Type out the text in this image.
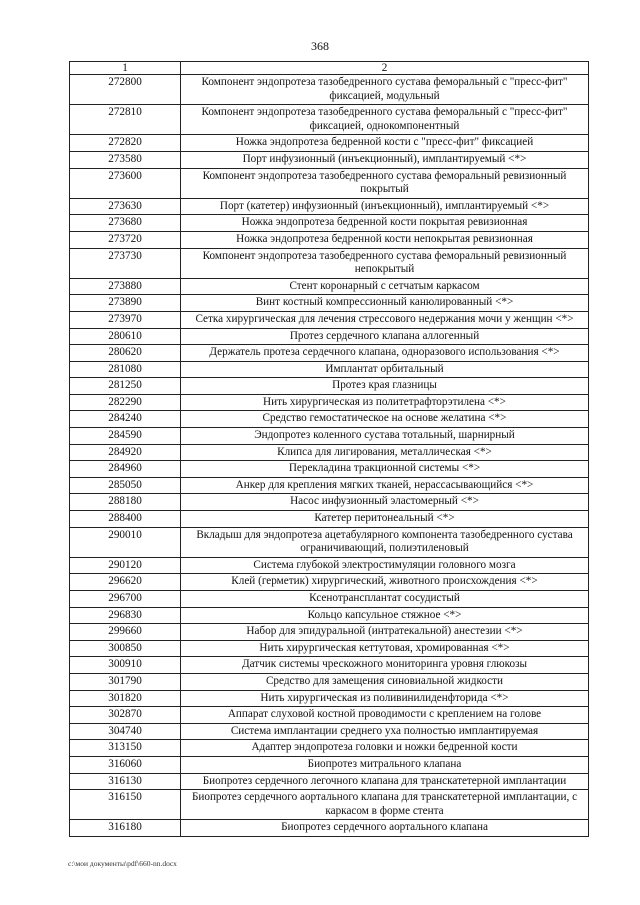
368
1	2
272800	Компонент эндопротеза тазобедренного сустава феморальный с "пресс-фит" фиксацией, модульный
272810	Компонент эндопротеза тазобедренного сустава феморальный с "пресс-фит" фиксацией, однокомпонентный
272820	Ножка эндопротеза бедренной кости с "пресс-фит" фиксацией
273580	Порт инфузионный (инъекционный), имплантируемый <*>
273600	Компонент эндопротеза тазобедренного сустава феморальный ревизионный покрытый
273630	Порт (катетер) инфузионный (инъекционный), имплантируемый <*>
273680	Ножка эндопротеза бедренной кости покрытая ревизионная
273720	Ножка эндопротеза бедренной кости непокрытая ревизионная
273730	Компонент эндопротеза тазобедренного сустава феморальный ревизионный непокрытый
273880	Стент коронарный с сетчатым каркасом
273890	Винт костный компрессионный канюлированный <*>
273970	Сетка хирургическая для лечения стрессового недержания мочи у женщин <*>
280610	Протез сердечного клапана аллогенный
280620	Держатель протеза сердечного клапана, одноразового использования <*>
281080	Имплантат орбитальный
281250	Протез края глазницы
282290	Нить хирургическая из политетрафторэтилена <*>
284240	Средство гемостатическое на основе желатина <*>
284590	Эндопротез коленного сустава тотальный, шарнирный
284920	Клипса для лигирования, металлическая <*>
284960	Перекладина тракционной системы <*>
285050	Анкер для крепления мягких тканей, нерассасывающийся <*>
288180	Насос инфузионный эластомерный <*>
288400	Катетер перитонеальный <*>
290010	Вкладыш для эндопротеза ацетабулярного компонента тазобедренного сустава ограничивающий, полиэтиленовый
290120	Система глубокой электростимуляции головного мозга
296620	Клей (герметик) хирургический, животного происхождения <*>
296700	Ксенотрансплантат сосудистый
296830	Кольцо капсульное стяжное <*>
299660	Набор для эпидуральной (интратекальной) анестезии <*>
300850	Нить хирургическая кеттутовая, хромированная <*>
300910	Датчик системы чрескожного мониторинга уровня глюкозы
301790	Средство для замещения синовиальной жидкости
301820	Нить хирургическая из поливинилиденфторида <*>
302870	Аппарат слуховой костной проводимости с креплением на голове
304740	Система имплантации среднего уха полностью имплантируемая
313150	Адаптер эндопротеза головки и ножки бедренной кости
316060	Биопротез митрального клапана
316130	Биопротез сердечного легочного клапана для транскатетерной имплантации
316150	Биопротез сердечного аортального клапана для транскатетерной имплантации, с каркасом в форме стента
316180	Биопротез сердечного аортального клапана
c:\мои документы\pdf\660-nn.docx
